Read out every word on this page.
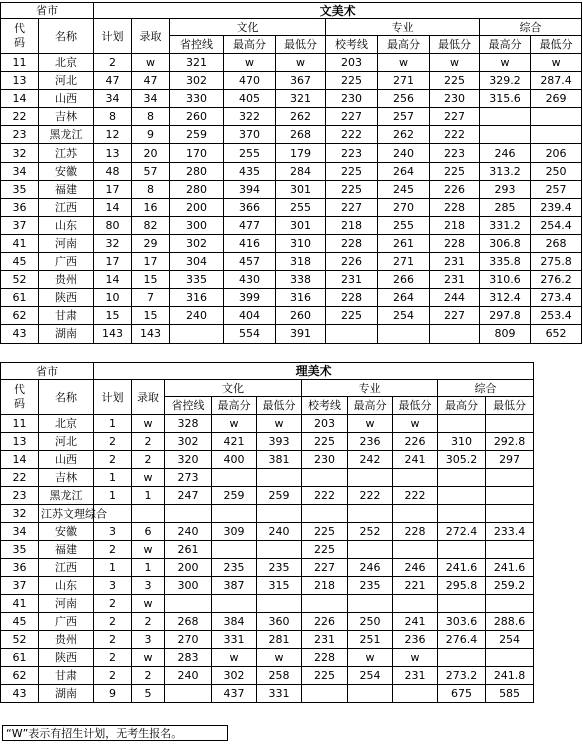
省市		文美术									

代
码	名称	计划	录取	文化			专业			综合	
				省控线	最高分	最低分	校考线	最高分	最低分	最高分	最低分
11	北京	2	w	321	w	w	203	w	w	w	w
13	河北	47	47	302	470	367	225	271	225	329.2	287.4
14	山西	34	34	330	405	321	230	256	230	315.6	269
22	吉林	8	8	260	322	262	227	257	227		
23	黑龙江	12	9	259	370	268	222	262	222		
32	江苏	13	20	170	255	179	223	240	223	246	206
34	安徽	48	57	280	435	284	225	264	225	313.2	250
35	福建	17	8	280	394	301	225	245	226	293	257
36	江西	14	16	200	366	255	227	270	228	285	239.4
37	山东	80	82	300	477	301	218	255	218	331.2	254.4
41	河南	32	29	302	416	310	228	261	228	306.8	268
45	广西	17	17	304	457	318	226	271	231	335.8	275.8
52	贵州	14	15	335	430	338	231	266	231	310.6	276.2
61	陕西	10	7	316	399	316	228	264	244	312.4	273.4
62	甘肃	15	15	240	404	260	225	254	227	297.8	253.4
43	湖南	143	143		554	391				809	652
省市		理美术									

代
码	名称	计划	录取	文化			专业			综合	
				省控线	最高分	最低分	校考线	最高分	最低分	最高分	最低分
11	北京	1	w	328	w	w	203	w	w		
13	河北	2	2	302	421	393	225	236	226	310	292.8
14	山西	2	2	320	400	381	230	242	241	305.2	297
22	吉林	1	w	273							
23	黑龙江	1	1	247	259	259	222	222	222		
32	江苏文理综合										

34	安徽	3	6	240	309	240	225	252	228	272.4	233.4
35	福建	2	w	261			225				
36	江西	1	1	200	235	235	227	246	246	241.6	241.6
37	山东	3	3	300	387	315	218	235	221	295.8	259.2
41	河南	2	w								
45	广西	2	2	268	384	360	226	250	241	303.6	288.6
52	贵州	2	3	270	331	281	231	251	236	276.4	254
61	陕西	2	w	283	w	w	228	w	w		
62	甘肃	2	2	240	302	258	225	254	231	273.2	241.8
43	湖南	9	5		437	331				675	585
“W”表示有招生计划，无考生报名。
